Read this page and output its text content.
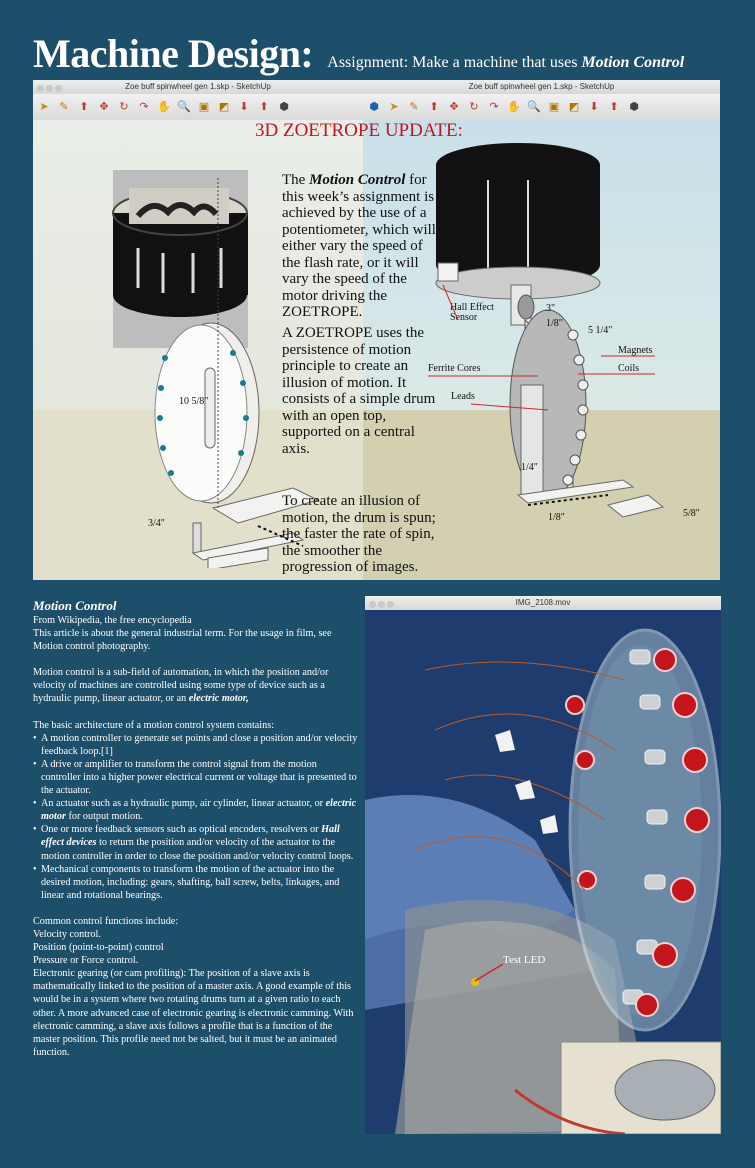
Machine Design: Assignment: Make a machine that uses Motion Control
Zoe buff spinwheel gen 1.skp - SketchUp
➤ ✎ ⬆ ✥ ↻ ↷ ✋ 🔍 ▣ ◩ ⬇ ⬆ ⬢
16"
10 5/8"
3/4"
Zoe buff spinwheel gen 1.skp - SketchUp
⬢ ➤ ✎ ⬆ ✥ ↻ ↷ ✋ 🔍 ▣ ◩ ⬇ ⬆ ⬢
Hall Effect
Sensor
Magnets
Ferrite Cores	Coils
Leads
3"
1/8"
5 1/4"
1/4"
1/8"	5/8"
3D ZOETROPE UPDATE:
The Motion Control for this week’s assignment is achieved by the use of a potentiometer, which will either vary the speed of the flash rate, or it will vary the speed of the motor driving the ZOETROPE.
A ZOETROPE uses the persistence of motion principle to create an illusion of motion. It consists of a simple drum with an open top, supported on a central axis.
To create an illusion of motion, the drum is spun; the faster the rate of spin, the smoother the progression of images.

Motion Control

From Wikipedia, the free encyclopedia

This article is about the general industrial term. For the usage in film, see Motion control photography.

Motion control is a sub-field of automation, in which the position and/or velocity of machines are controlled using some type of device such as a hydraulic pump, linear actuator, or an electric motor,

The basic architecture of a motion control system contains:

• A motion controller to generate set points and close a position and/or velocity feedback loop.[1]
• A drive or amplifier to transform the control signal from the motion controller into a higher power electrical current or voltage that is presented to the actuator.
• An actuator such as a hydraulic pump, air cylinder, linear actuator, or electric motor for output motion.
• One or more feedback sensors such as optical encoders, resolvers or Hall effect devices to return the position and/or velocity of the actuator to the motion controller in order to close the position and/or velocity control loops.
• Mechanical components to transform the motion of the actuator into the desired motion, including: gears, shafting, ball screw, belts, linkages, and linear and rotational bearings.

Common control functions include:

Velocity control.

Position (point-to-point) control

Pressure or Force control.

Electronic gearing (or cam profiling): The position of a slave axis is mathematically linked to the position of a master axis. A good example of this would be in a system where two rotating drums turn at a given ratio to each other. A more advanced case of electronic gearing is electronic camming. With electronic camming, a slave axis follows a profile that is a function of the master position. This profile need not be salted, but it must be an animated function.

IMG_2108.mov
Test LED
